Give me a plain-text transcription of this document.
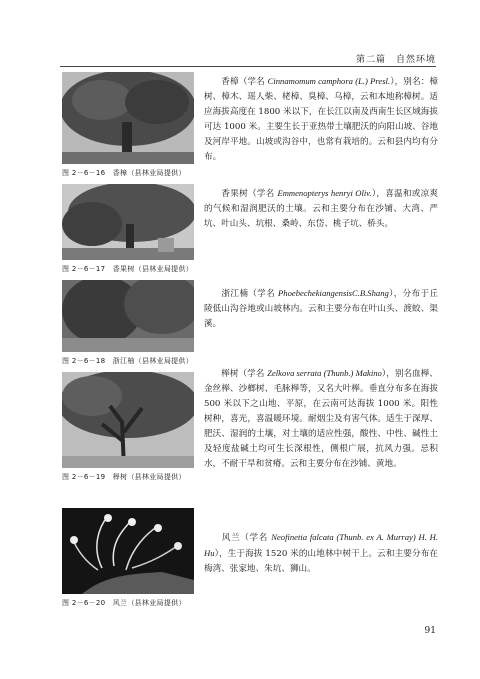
第二篇　自然环境
图 2－6－16　香樟（县林业局提供）
图 2－6－17　香果树（县林业局提供）
图 2－6－18　浙江柚（县林业局提供）
图 2－6－19　榉树（县林业局提供）
图 2－6－20　风兰（县林业局提供）

香樟（学名 Cinnamomum camphora (L.) Presl.），别名：樟树、樟木、瑶人柴、栳樟、臭樟、乌樟，云和本地称樟树。适应海拔高度在 1800 米以下，在长江以南及西南生长区域海拔可达 1000 米。主要生长于亚热带土壤肥沃的向阳山坡、谷地及河岸平地。山坡或沟谷中，也常有栽培的。云和县内均有分布。

香果树（学名 Emmenopterys henryi Oliv.），喜温和或凉爽的气候和湿润肥沃的土壤。云和主要分布在沙铺、大湾、严坑、叶山头、坑根、桑岭、东岱、桃子坑、桥头。

浙江楠（学名 PhoebechekiangensisC.B.Shang），分布于丘陵低山沟谷地或山坡林内。云和主要分布在叶山头、渡蛟、渠溪。

榉树（学名 Zelkova serrata (Thunb.) Makino），别名血榉、金丝榉、沙榔树、毛脉榉等，又名大叶榉。垂直分布多在海拔 500 米以下之山地、平原，在云南可达海拔 1000 米。阳性树种，喜光，喜温暖环境。耐烟尘及有害气体。适生于深厚、肥沃、湿润的土壤，对土壤的适应性强，酸性、中性、碱性土及轻度盐碱土均可生长深根性，侧根广展，抗风力强。忌积水，不耐干旱和贫瘠。云和主要分布在沙铺、黄地。

风兰（学名 Neofinetia falcata (Thunb. ex A. Murray) H. H. Hu），生于海拔 1520 米的山地林中树干上。云和主要分布在梅湾、张家地、朱坑、狮山。

91
